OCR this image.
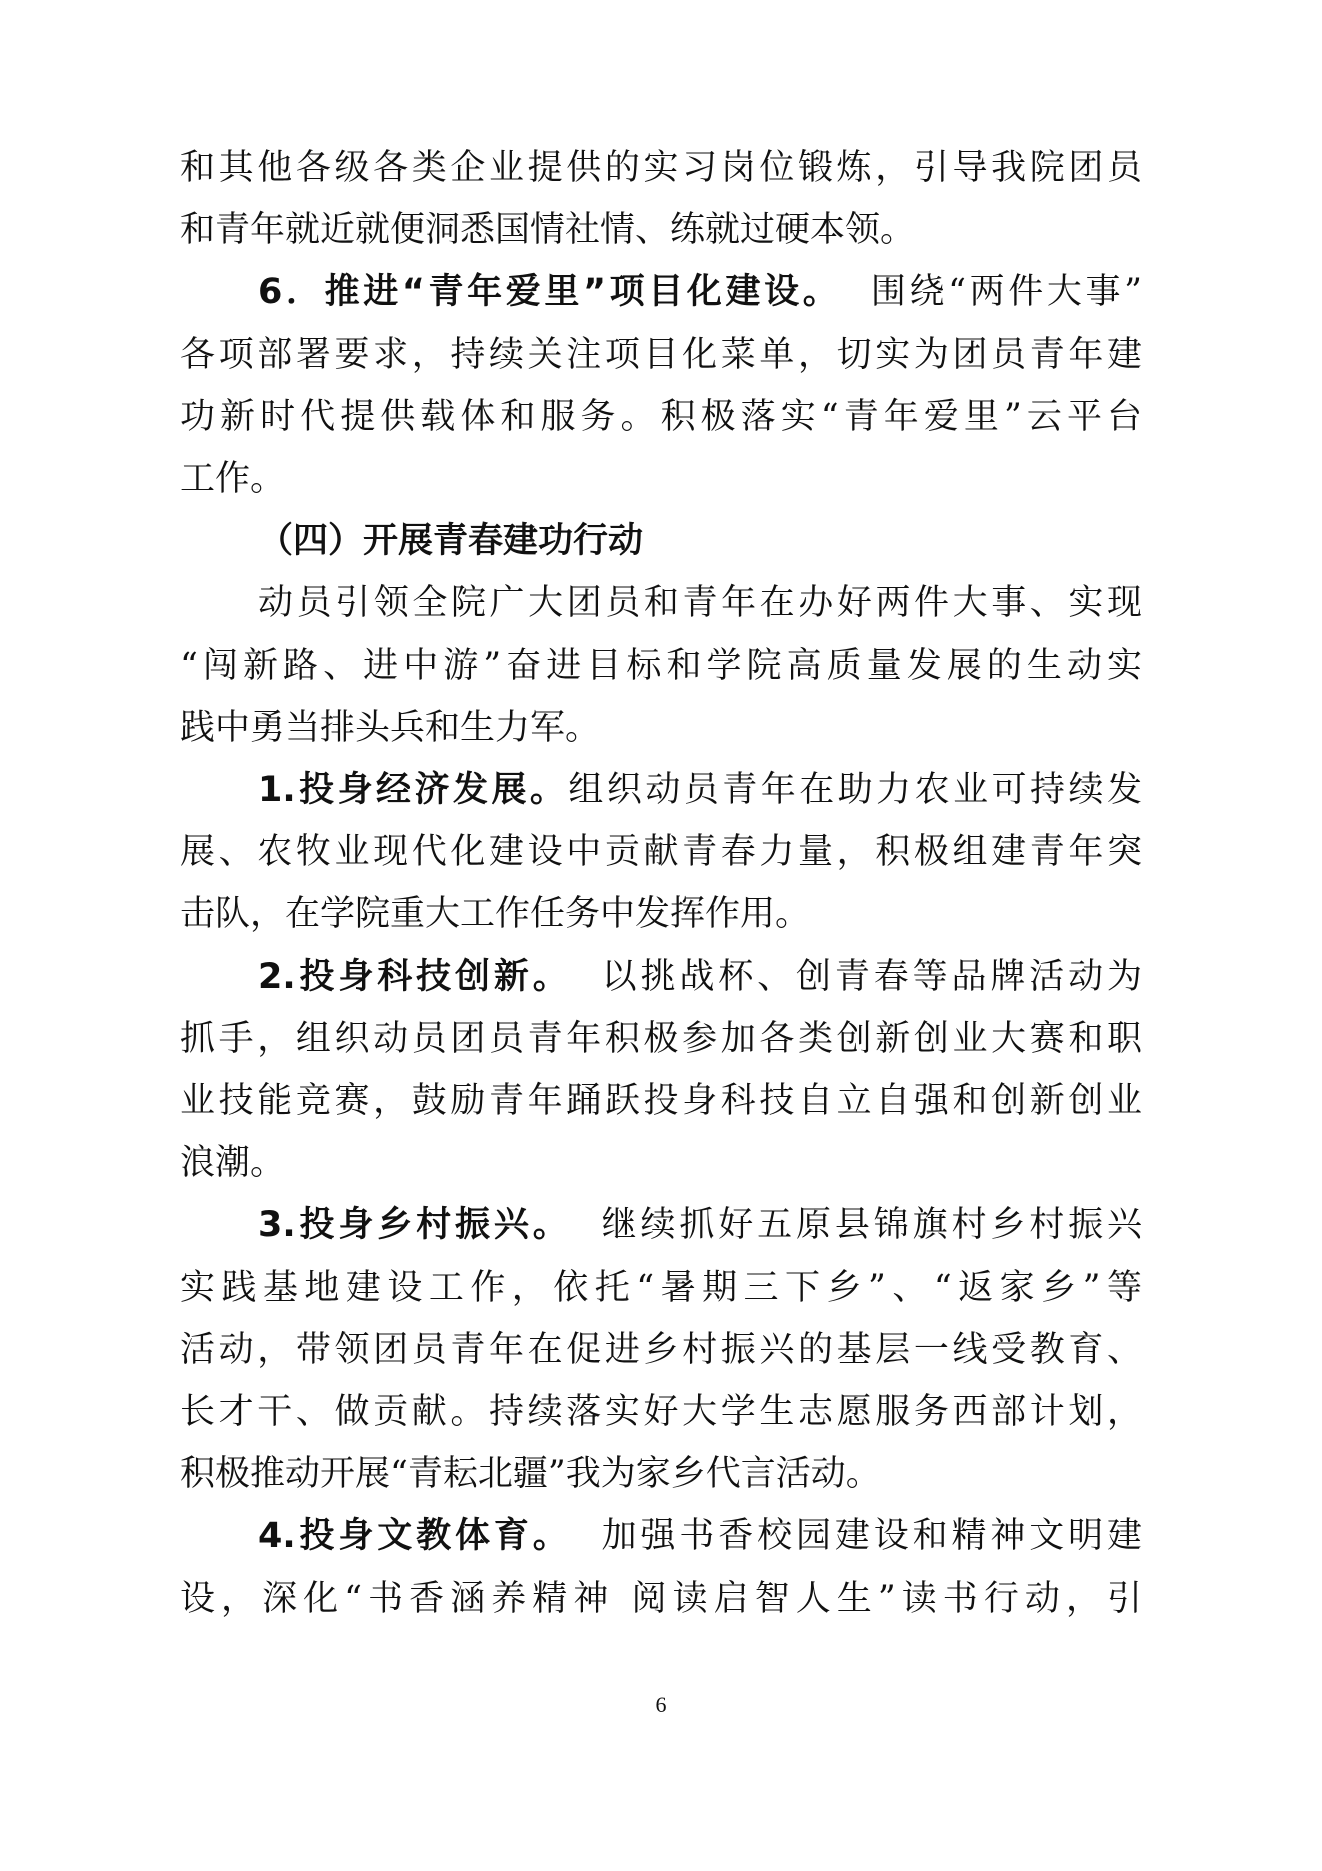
和其他各级各类企业提供的实习岗位锻炼，引导我院团员
和青年就近就便洞悉国情社情、练就过硬本领。
6．推进“青年爱里”项目化建设。  围绕“两件大事”
各项部署要求，持续关注项目化菜单，切实为团员青年建
功新时代提供载体和服务。积极落实“青年爱里”云平台
工作。
（四）开展青春建功行动
动员引领全院广大团员和青年在办好两件大事、实现
“闯新路、进中游”奋进目标和学院高质量发展的生动实
践中勇当排头兵和生力军。
1.投身经济发展。组织动员青年在助力农业可持续发
展、农牧业现代化建设中贡献青春力量，积极组建青年突
击队，在学院重大工作任务中发挥作用。
2.投身科技创新。  以挑战杯、创青春等品牌活动为
抓手，组织动员团员青年积极参加各类创新创业大赛和职
业技能竞赛，鼓励青年踊跃投身科技自立自强和创新创业
浪潮。
3.投身乡村振兴。  继续抓好五原县锦旗村乡村振兴
实践基地建设工作，依托“暑期三下乡”、“返家乡”等
活动，带领团员青年在促进乡村振兴的基层一线受教育、
长才干、做贡献。持续落实好大学生志愿服务西部计划，
积极推动开展“青耘北疆”我为家乡代言活动。
4.投身文教体育。  加强书香校园建设和精神文明建
设，深化“书香涵养精神 阅读启智人生”读书行动，引
6
